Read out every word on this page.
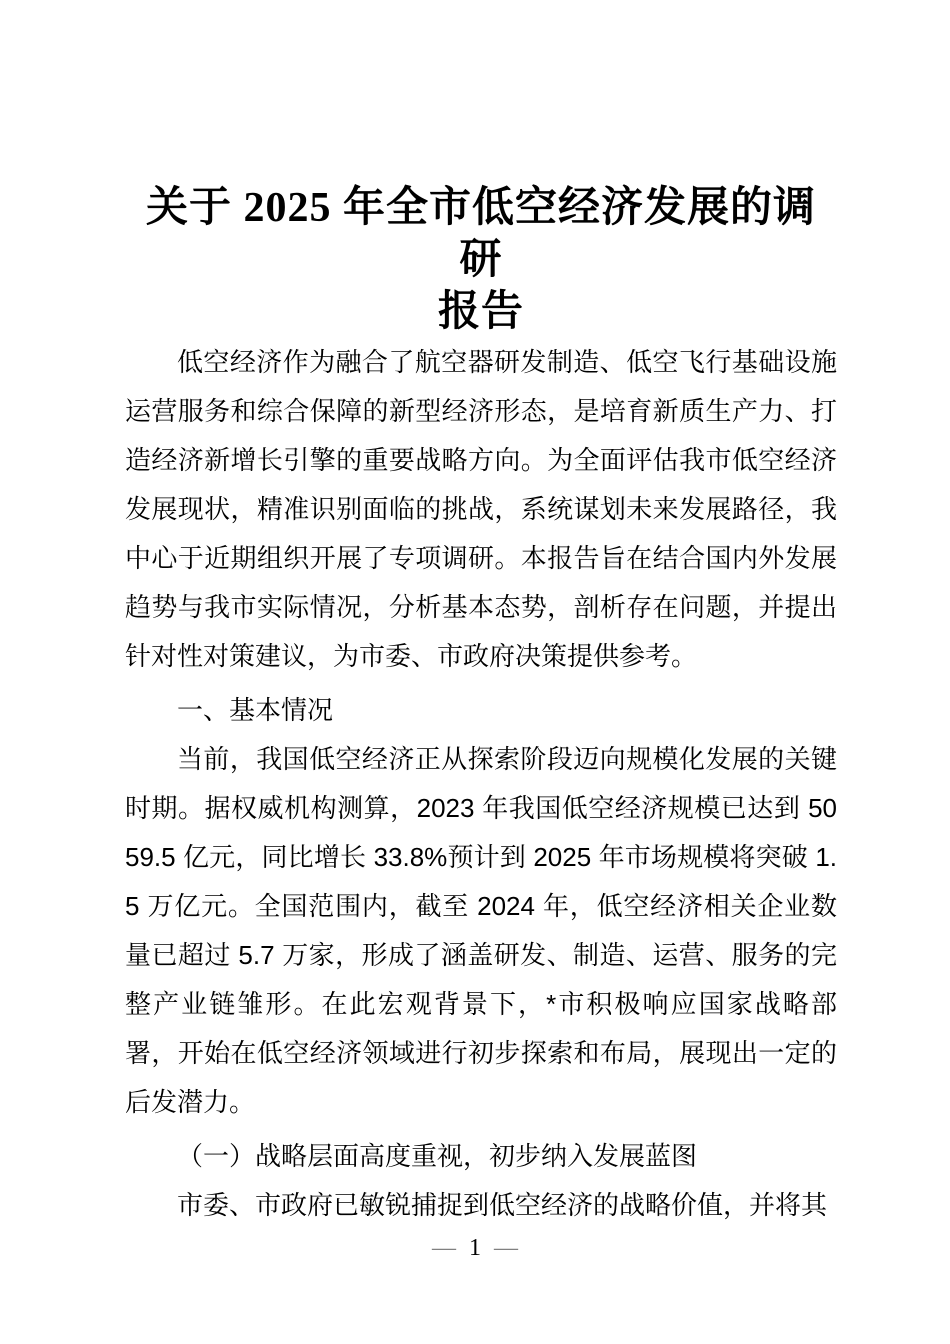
关于 2025 年全市低空经济发展的调研
报告

低空经济作为融合了航空器研发制造、低空飞行基础设施运营服务和综合保障的新型经济形态，是培育新质生产力、打造经济新增长引擎的重要战略方向。为全面评估我市低空经济发展现状，精准识别面临的挑战，系统谋划未来发展路径，我中心于近期组织开展了专项调研。本报告旨在结合国内外发展趋势与我市实际情况，分析基本态势，剖析存在问题，并提出针对性对策建议，为市委、市政府决策提供参考。

一、基本情况

当前，我国低空经济正从探索阶段迈向规模化发展的关键时期。据权威机构测算，2023 年我国低空经济规模已达到 5059.5 亿元，同比增长 33.8%预计到 2025 年市场规模将突破 1.5 万亿元。全国范围内，截至 2024 年，低空经济相关企业数量已超过 5.7 万家，形成了涵盖研发、制造、运营、服务的完整产业链雏形。在此宏观背景下，*市积极响应国家战略部署，开始在低空经济领域进行初步探索和布局，展现出一定的后发潜力。

（一）战略层面高度重视，初步纳入发展蓝图

市委、市政府已敏锐捕捉到低空经济的战略价值，并将其

— 1 —
